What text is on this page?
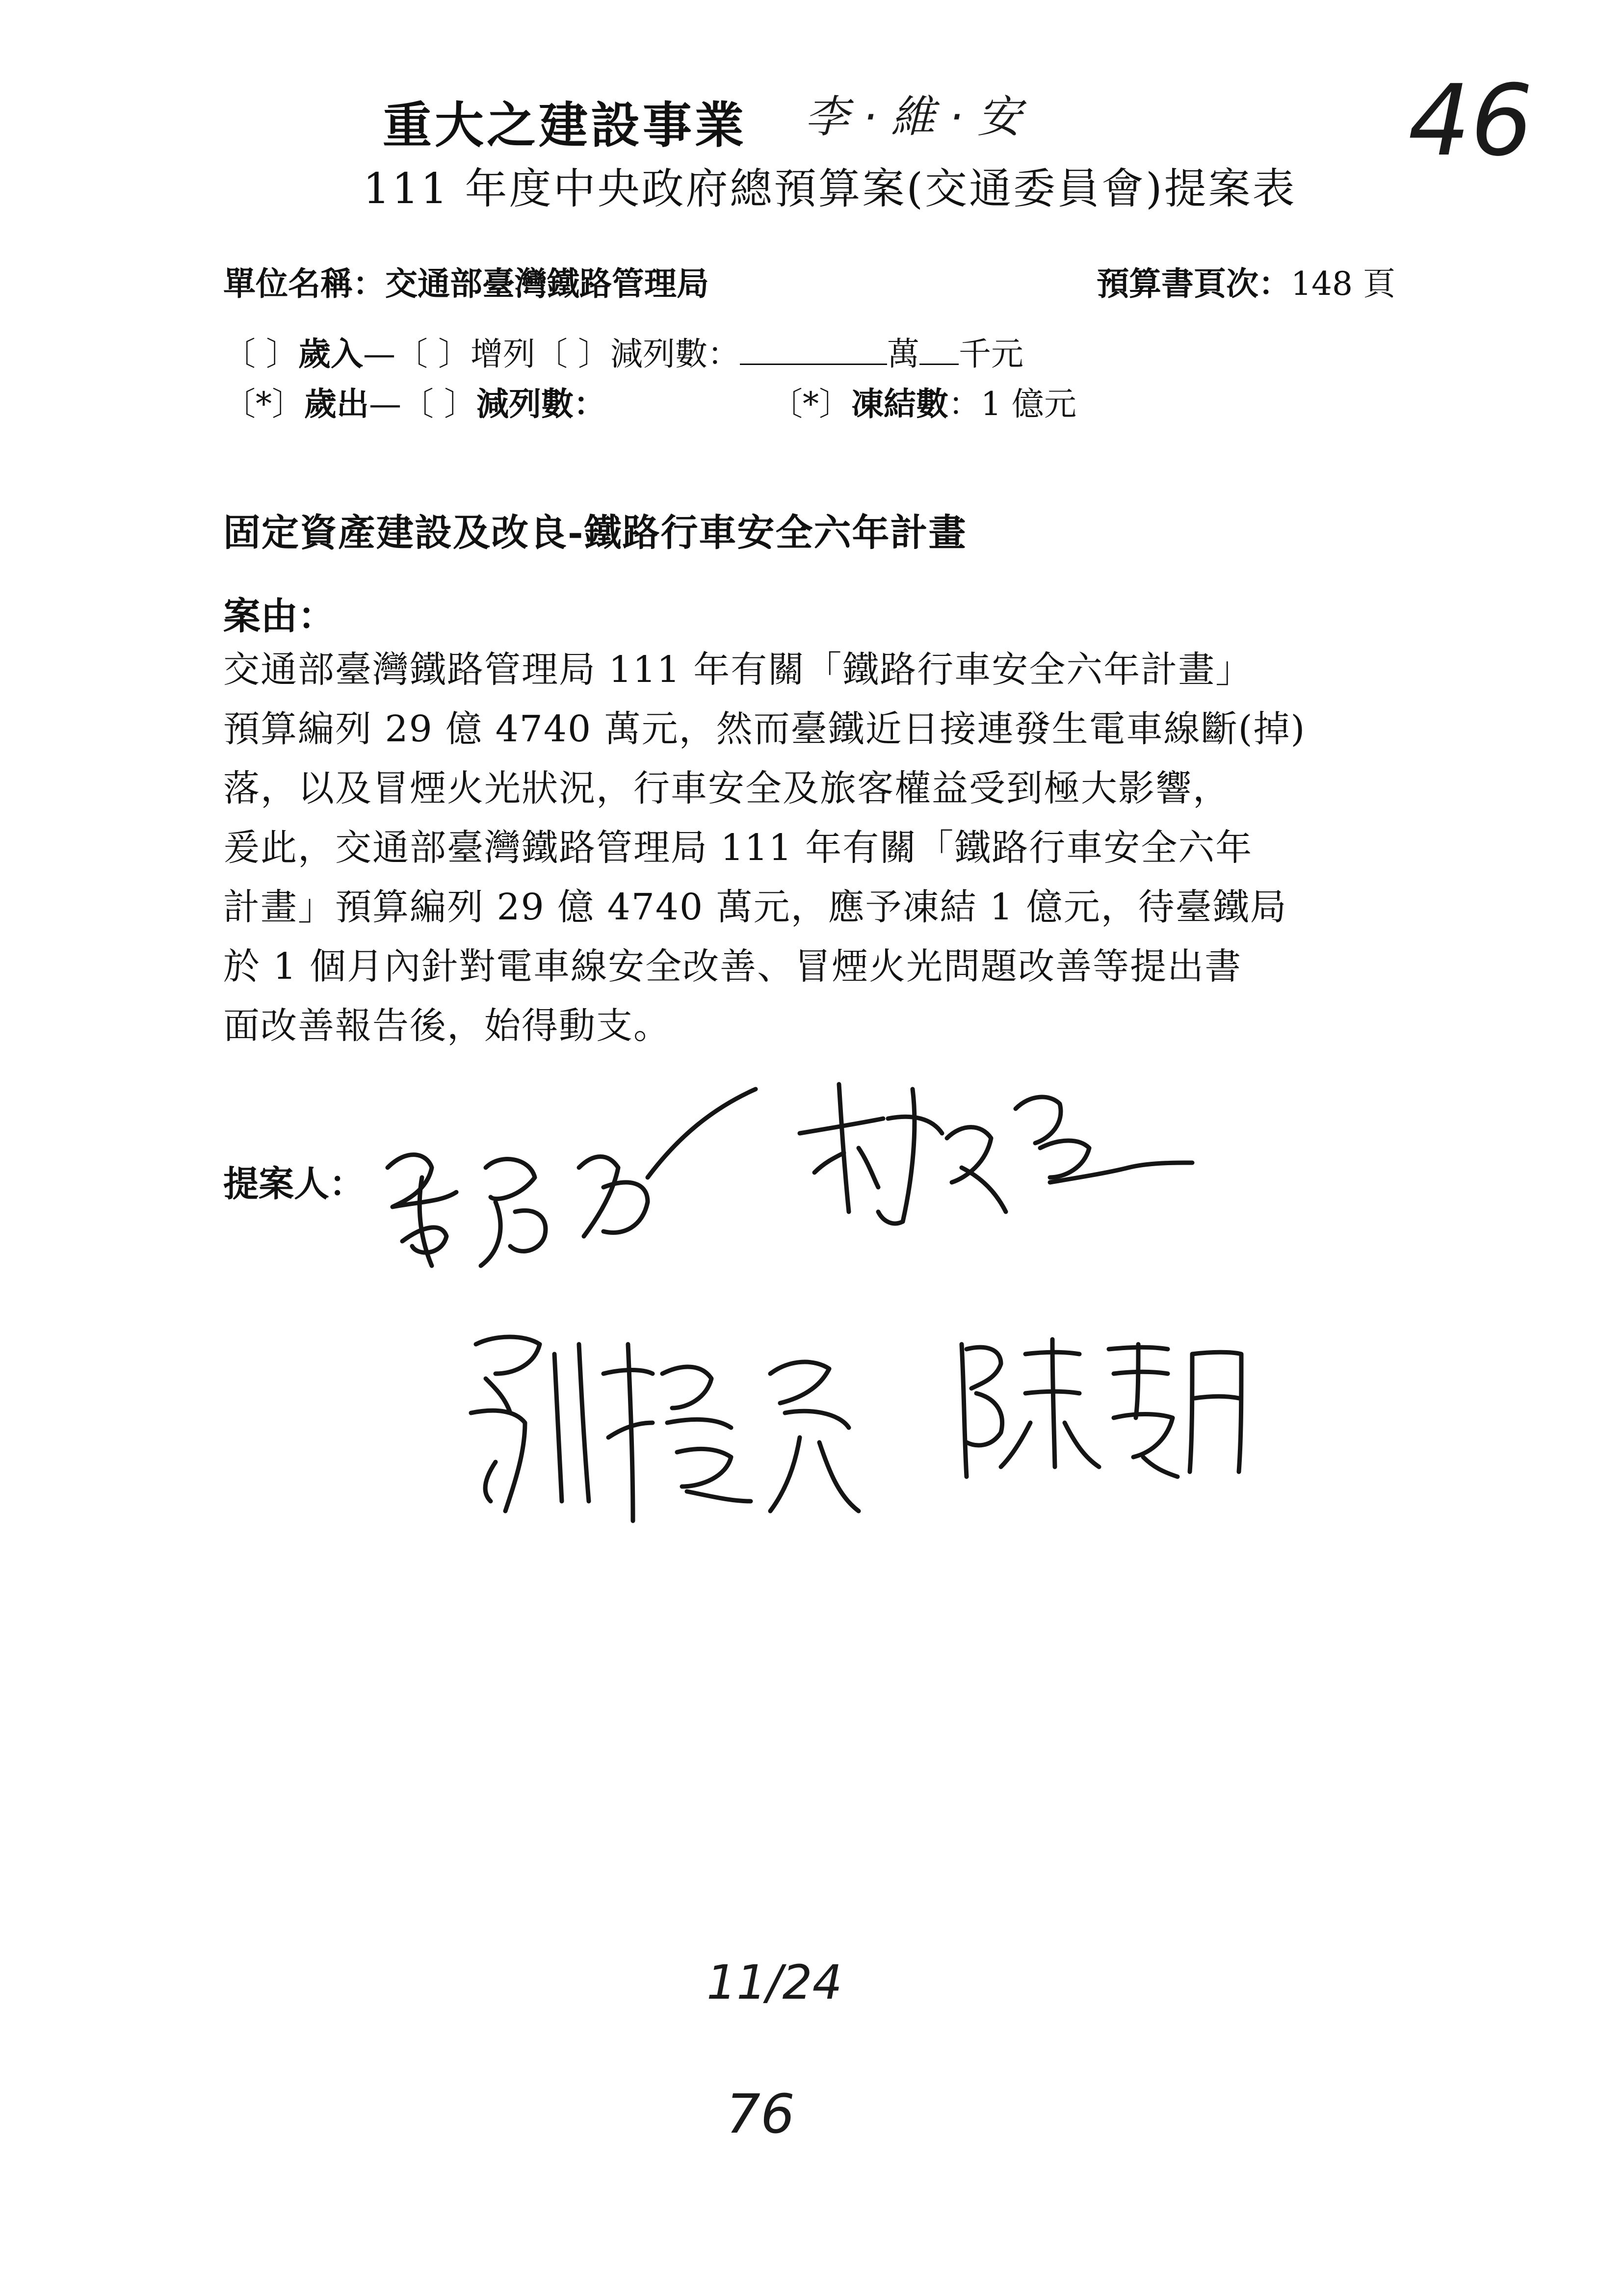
重大之建設事業 李 · 維 · 安	46
111 年度中央政府總預算案(交通委員會)提案表
單位名稱：交通部臺灣鐵路管理局	預算書頁次：148 頁
〔 〕歲入—〔 〕增列〔 〕減列數：	萬 千元
〔*〕歲出—〔 〕減列數：	〔*〕凍結數：1 億元
固定資產建設及改良-鐵路行車安全六年計畫
案由：
交通部臺灣鐵路管理局 111 年有關「鐵路行車安全六年計畫」
預算編列 29 億 4740 萬元，然而臺鐵近日接連發生電車線斷(掉)
落，以及冒煙火光狀況，行車安全及旅客權益受到極大影響，
爰此，交通部臺灣鐵路管理局 111 年有關「鐵路行車安全六年
計畫」預算編列 29 億 4740 萬元，應予凍結 1 億元，待臺鐵局
於 1 個月內針對電車線安全改善、冒煙火光問題改善等提出書
面改善報告後，始得動支。
提案人：
11/24
76
